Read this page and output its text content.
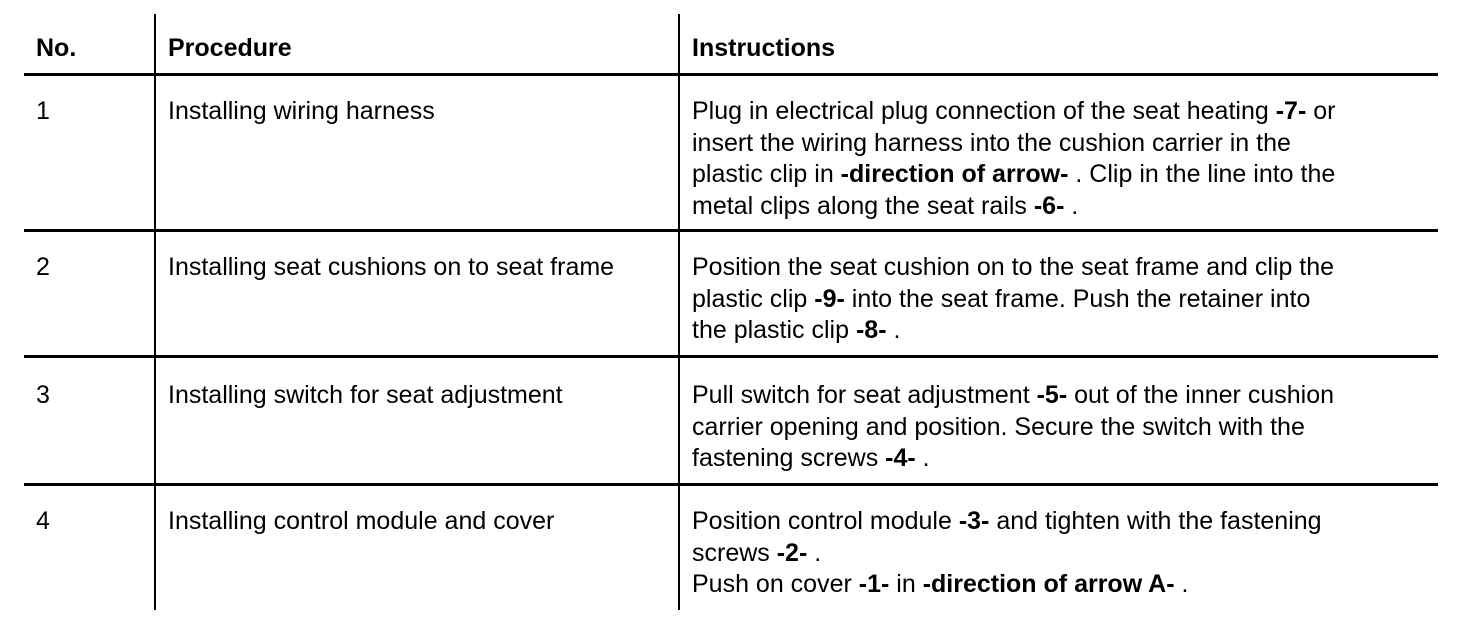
No.	Procedure	Instructions
1	Installing wiring harness	Plug in electrical plug connection of the seat heating -7- or
insert the wiring harness into the cushion carrier in the
plastic clip in -direction of arrow- . Clip in the line into the
metal clips along the seat rails -6- .
2	Installing seat cushions on to seat frame	Position the seat cushion on to the seat frame and clip the
plastic clip -9- into the seat frame. Push the retainer into
the plastic clip -8- .
3	Installing switch for seat adjustment	Pull switch for seat adjustment -5- out of the inner cushion
carrier opening and position. Secure the switch with the
fastening screws -4- .
4	Installing control module and cover	Position control module -3- and tighten with the fastening
screws -2- .
Push on cover -1- in -direction of arrow A- .
